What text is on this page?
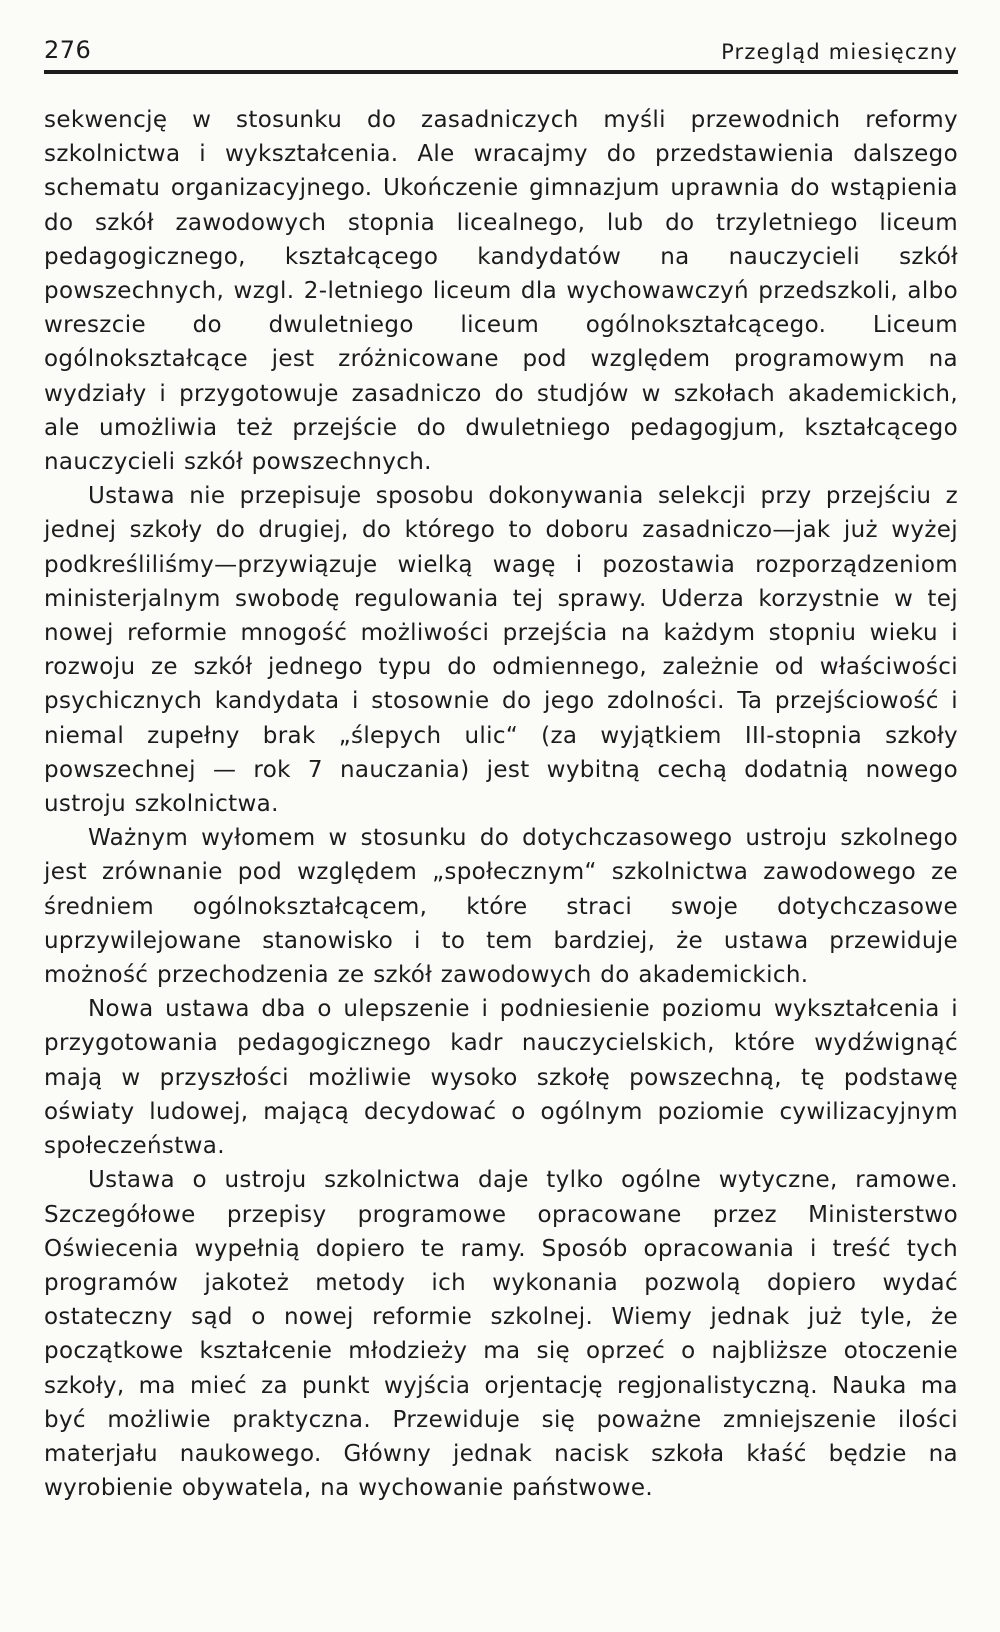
276	Przegląd miesięczny

sekwencję w stosunku do zasadniczych myśli przewodnich reformy szkolnictwa i wykształcenia. Ale wracajmy do przedstawienia dalszego schematu organizacyjnego. Ukończenie gimnazjum uprawnia do wstąpienia do szkół zawodowych stopnia licealnego, lub do trzyletniego liceum pedagogicznego, kształcącego kandydatów na nauczycieli szkół powszechnych, wzgl. 2-letniego liceum dla wychowawczyń przedszkoli, albo wreszcie do dwuletniego liceum ogólnokształcącego. Liceum ogólnokształcące jest zróżnicowane pod względem programowym na wydziały i przygotowuje zasadniczo do studjów w szkołach akademickich, ale umożliwia też przejście do dwuletniego pedagogjum, kształcącego nauczycieli szkół powszechnych.

Ustawa nie przepisuje sposobu dokonywania selekcji przy przejściu z jednej szkoły do drugiej, do którego to doboru zasadniczo—jak już wyżej podkreśliliśmy—przywiązuje wielką wagę i pozostawia rozporządzeniom ministerjalnym swobodę regulowania tej sprawy. Uderza korzystnie w tej nowej reformie mnogość możliwości przejścia na każdym stopniu wieku i rozwoju ze szkół jednego typu do odmiennego, zależnie od właściwości psychicznych kandydata i stosownie do jego zdolności. Ta przejściowość i niemal zupełny brak „ślepych ulic“ (za wyjątkiem III-stopnia szkoły powszechnej — rok 7 nauczania) jest wybitną cechą dodatnią nowego ustroju szkolnictwa.

Ważnym wyłomem w stosunku do dotychczasowego ustroju szkolnego jest zrównanie pod względem „społecznym“ szkolnictwa zawodowego ze średniem ogólnokształcącem, które straci swoje dotychczasowe uprzywilejowane stanowisko i to tem bardziej, że ustawa przewiduje możność przechodzenia ze szkół zawodowych do akademickich.

Nowa ustawa dba o ulepszenie i podniesienie poziomu wykształcenia i przygotowania pedagogicznego kadr nauczycielskich, które wydźwignąć mają w przyszłości możliwie wysoko szkołę powszechną, tę podstawę oświaty ludowej, mającą decydować o ogólnym poziomie cywilizacyjnym społeczeństwa.

Ustawa o ustroju szkolnictwa daje tylko ogólne wytyczne, ramowe. Szczegółowe przepisy programowe opracowane przez Ministerstwo Oświecenia wypełnią dopiero te ramy. Sposób opracowania i treść tych programów jakoteż metody ich wykonania pozwolą dopiero wydać ostateczny sąd o nowej reformie szkolnej. Wiemy jednak już tyle, że początkowe kształcenie młodzieży ma się oprzeć o najbliższe otoczenie szkoły, ma mieć za punkt wyjścia orjentację regjonalistyczną. Nauka ma być możliwie praktyczna. Przewiduje się poważne zmniejszenie ilości materjału naukowego. Główny jednak nacisk szkoła kłaść będzie na wyrobienie obywatela, na wychowanie państwowe.
